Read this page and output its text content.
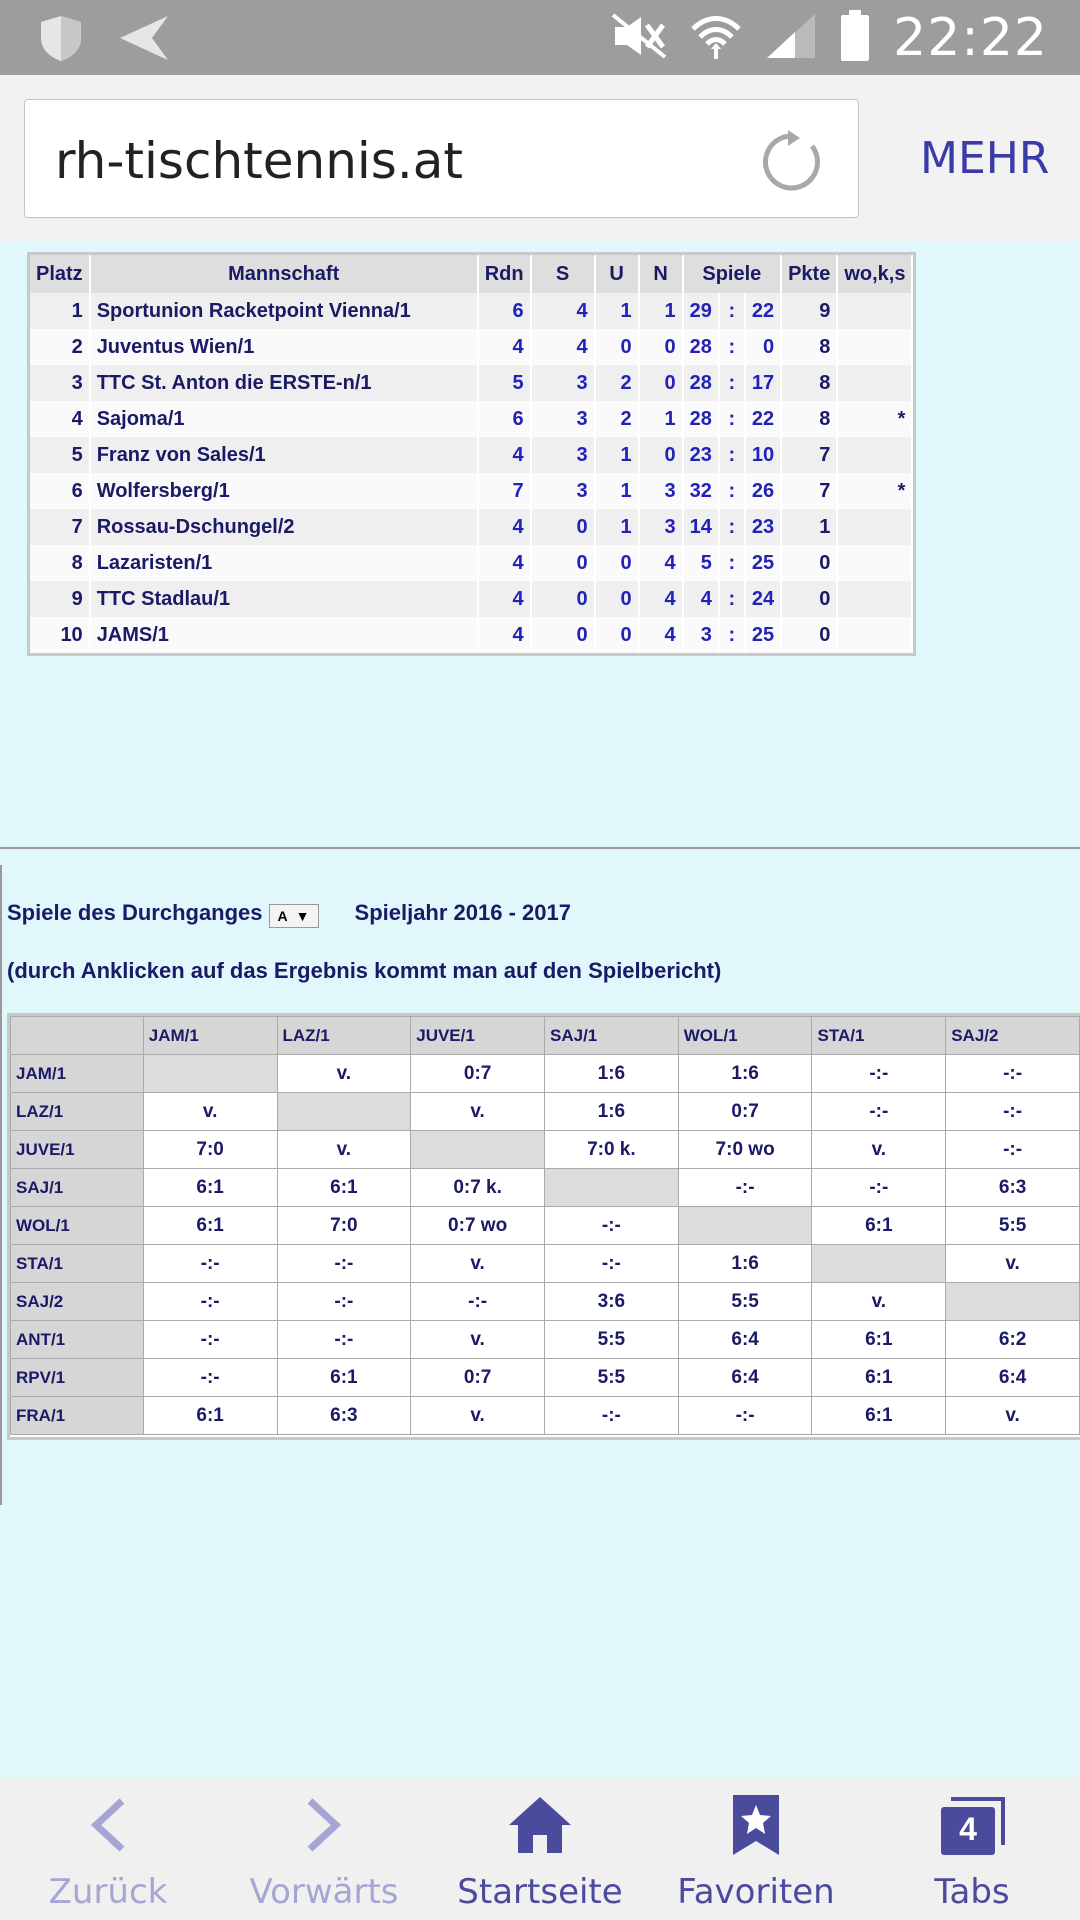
22:22
rh-tischtennis.at	MEHR
Platz	Mannschaft	Rdn	S	U	N	Spiele			Pkte	wo,k,s
1	Sportunion Racketpoint Vienna/1	6	4	1	1	29	:	22	9	
2	Juventus Wien/1	4	4	0	0	28	:	0	8	
3	TTC St. Anton die ERSTE-n/1	5	3	2	0	28	:	17	8	
4	Sajoma/1	6	3	2	1	28	:	22	8	*
5	Franz von Sales/1	4	3	1	0	23	:	10	7	
6	Wolfersberg/1	7	3	1	3	32	:	26	7	*
7	Rossau-Dschungel/2	4	0	1	3	14	:	23	1	
8	Lazaristen/1	4	0	0	4	5	:	25	0	
9	TTC Stadlau/1	4	0	0	4	4	:	24	0	
10	JAMS/1	4	0	0	4	3	:	25	0	
Spiele des Durchganges A ▼ Spieljahr 2016 - 2017
(durch Anklicken auf das Ergebnis kommt man auf den Spielbericht)
	JAM/1	LAZ/1	JUVE/1	SAJ/1	WOL/1	STA/1	SAJ/2
JAM/1		v.	0:7	1:6	1:6	-:-	-:-
LAZ/1	v.		v.	1:6	0:7	-:-	-:-
JUVE/1	7:0	v.		7:0 k.	7:0 wo	v.	-:-
SAJ/1	6:1	6:1	0:7 k.		-:-	-:-	6:3
WOL/1	6:1	7:0	0:7 wo	-:-		6:1	5:5
STA/1	-:-	-:-	v.	-:-	1:6		v.
SAJ/2	-:-	-:-	-:-	3:6	5:5	v.	
ANT/1	-:-	-:-	v.	5:5	6:4	6:1	6:2
RPV/1	-:-	6:1	0:7	5:5	6:4	6:1	6:4
FRA/1	6:1	6:3	v.	-:-	-:-	6:1	v.
Zurück	Vorwärts	Startseite	Favoriten
4
Tabs
